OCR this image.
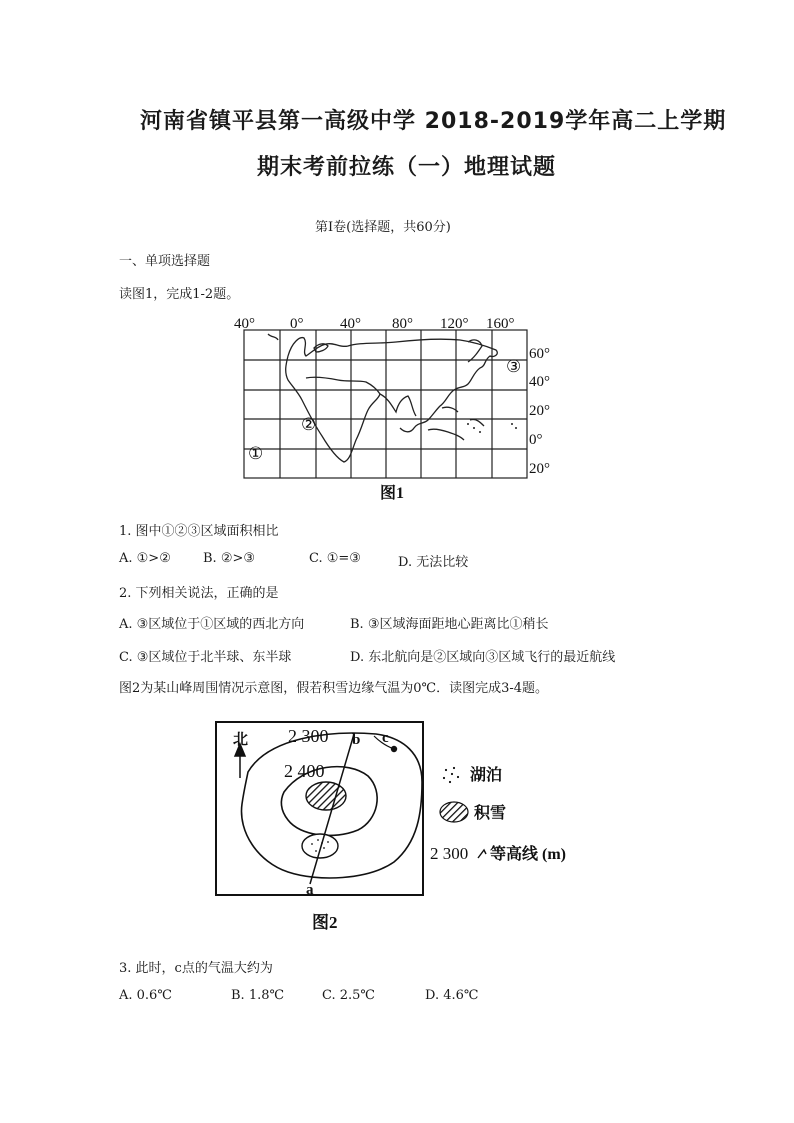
河南省镇平县第一高级中学 2018-2019学年高二上学期
期末考前拉练（一）地理试题
第Ⅰ卷(选择题，共60分)
一、单项选择题
读图1，完成1-2题。
40° 0° 40° 80° 120° 160°
60°
40°
20°
0°
20°
①
②
③
图1
1. 图中①②③区域面积相比
A. ①>② B. ②>③	C. ①=③	D. 无法比较
2. 下列相关说法，正确的是
A. ③区域位于①区域的西北方向	B. ③区域海面距地心距离比①稍长
C. ③区域位于北半球、东半球	D. 东北航向是②区域向③区域飞行的最近航线
图2为某山峰周围情况示意图，假若积雪边缘气温为0℃．读图完成3-4题。
北 2 300
2 400
a
b c
湖泊
积雪
2 300 等高线 (m)
图2
3. 此时，c点的气温大约为
A. 0.6℃	B. 1.8℃	C. 2.5℃	D. 4.6℃
